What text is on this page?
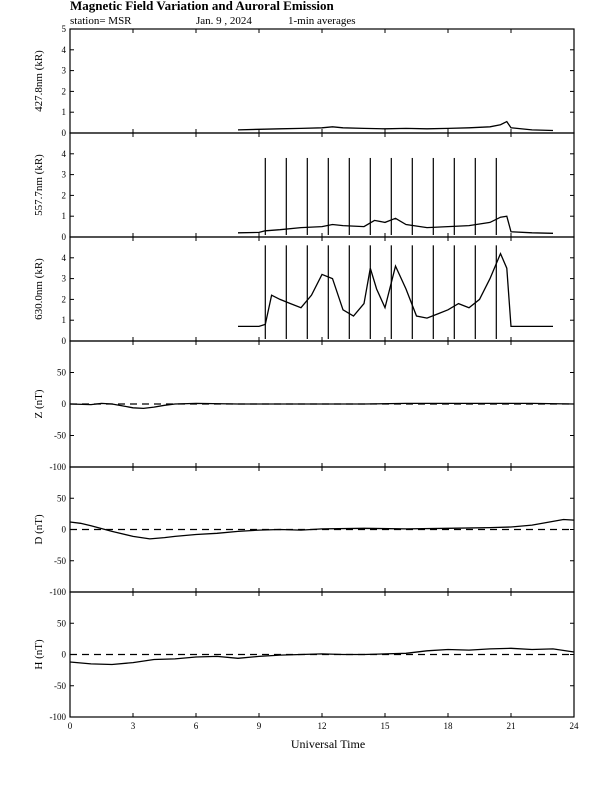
Magnetic Field Variation and Auroral Emission
station= MSR	Jan. 9 , 2024	1-min averages
Universal Time
0
1
2
3
4
5
427.8nm (kR)
0
1
2
3
4
557.7nm (kR)
0
1
2
3
4
630.0nm (kR)
-100
-50
0
50
Z (nT)
-100
-50
0
50
D (nT)
-100
-50
0
50
H (nT)
0	3	6	9	12	15	18	21	24
